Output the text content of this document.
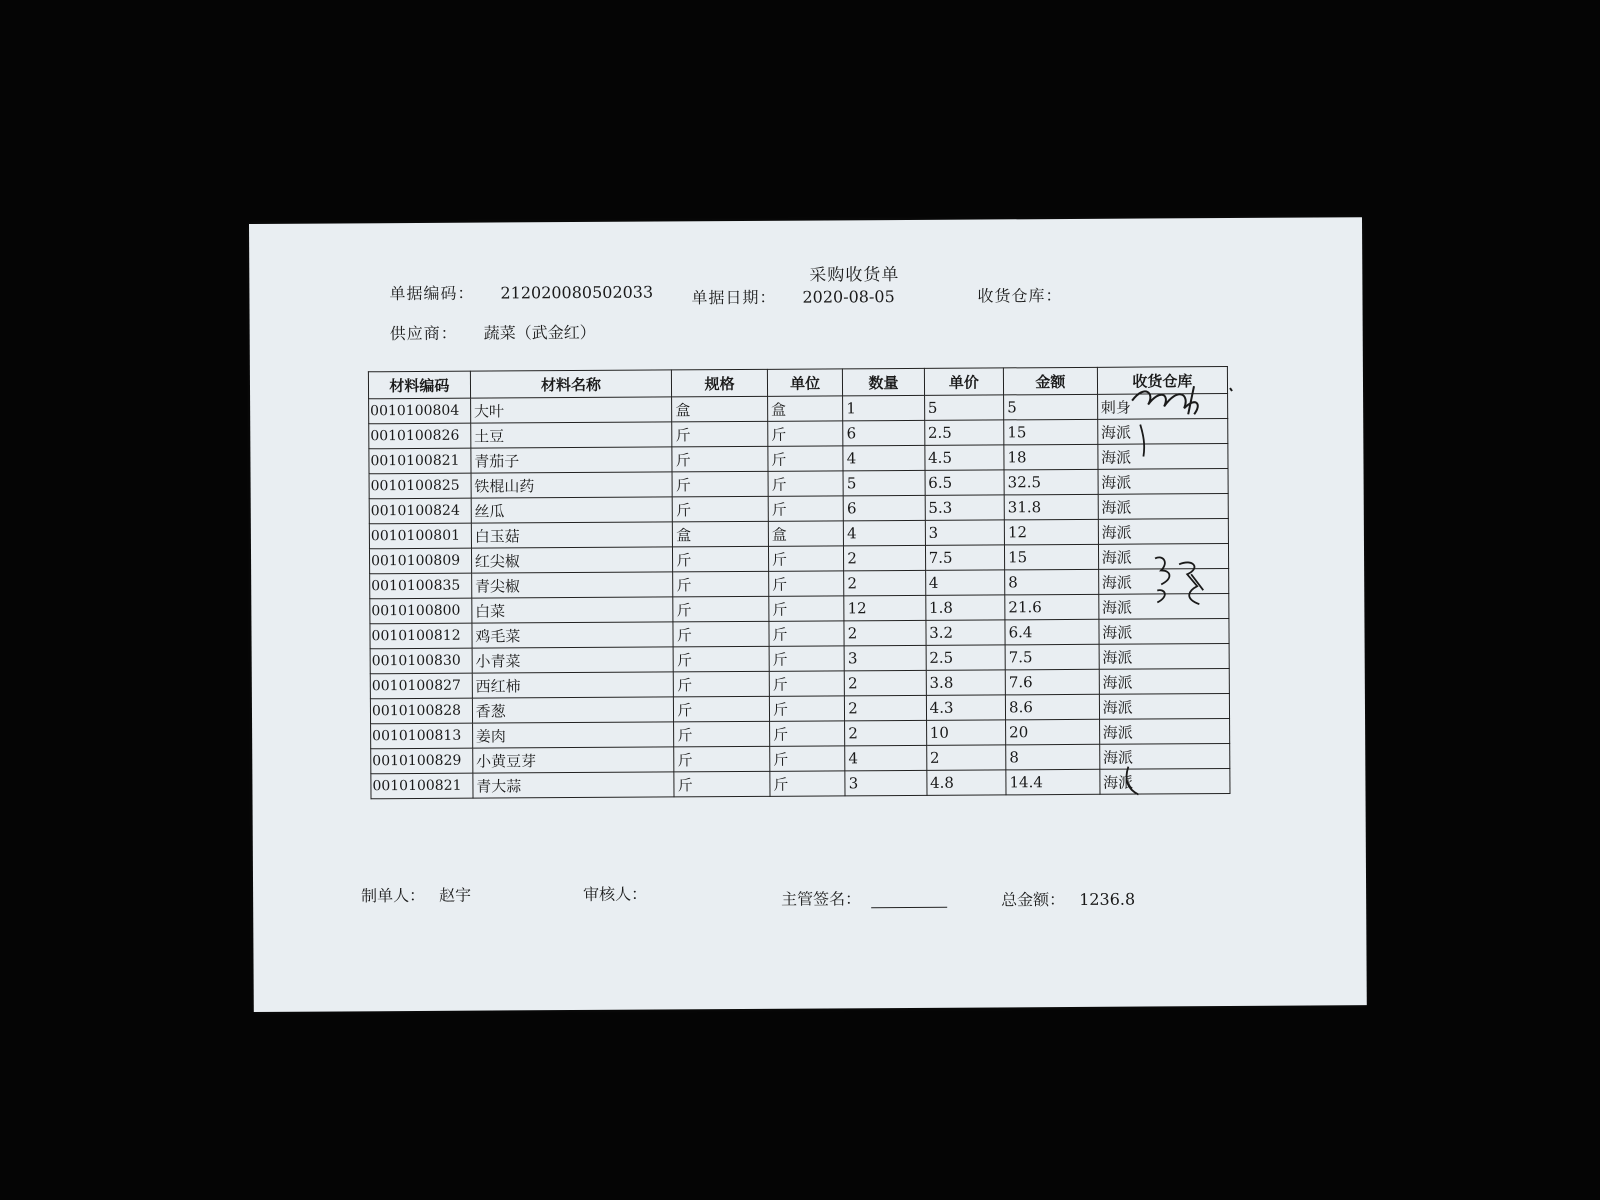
采购收货单
单据编码： 212020080502033 单据日期： 2020-08-05	收货仓库：
供应商： 蔬菜（武金红）
材料编码	材料名称	规格	单位	数量	单价	金额	收货仓库
0010100804	大叶	盒	盒	1	5	5	刺身
0010100826	土豆	斤	斤	6	2.5	15	海派
0010100821	青茄子	斤	斤	4	4.5	18	海派
0010100825	铁棍山药	斤	斤	5	6.5	32.5	海派
0010100824	丝瓜	斤	斤	6	5.3	31.8	海派
0010100801	白玉菇	盒	盒	4	3	12	海派
0010100809	红尖椒	斤	斤	2	7.5	15	海派
0010100835	青尖椒	斤	斤	2	4	8	海派
0010100800	白菜	斤	斤	12	1.8	21.6	海派
0010100812	鸡毛菜	斤	斤	2	3.2	6.4	海派
0010100830	小青菜	斤	斤	3	2.5	7.5	海派
0010100827	西红柿	斤	斤	2	3.8	7.6	海派
0010100828	香葱	斤	斤	2	4.3	8.6	海派
0010100813	姜肉	斤	斤	2	10	20	海派
0010100829	小黄豆芽	斤	斤	4	2	8	海派
0010100821	青大蒜	斤	斤	3	4.8	14.4	海派
制单人： 赵宇	审核人：	主管签名：	总金额： 1236.8
